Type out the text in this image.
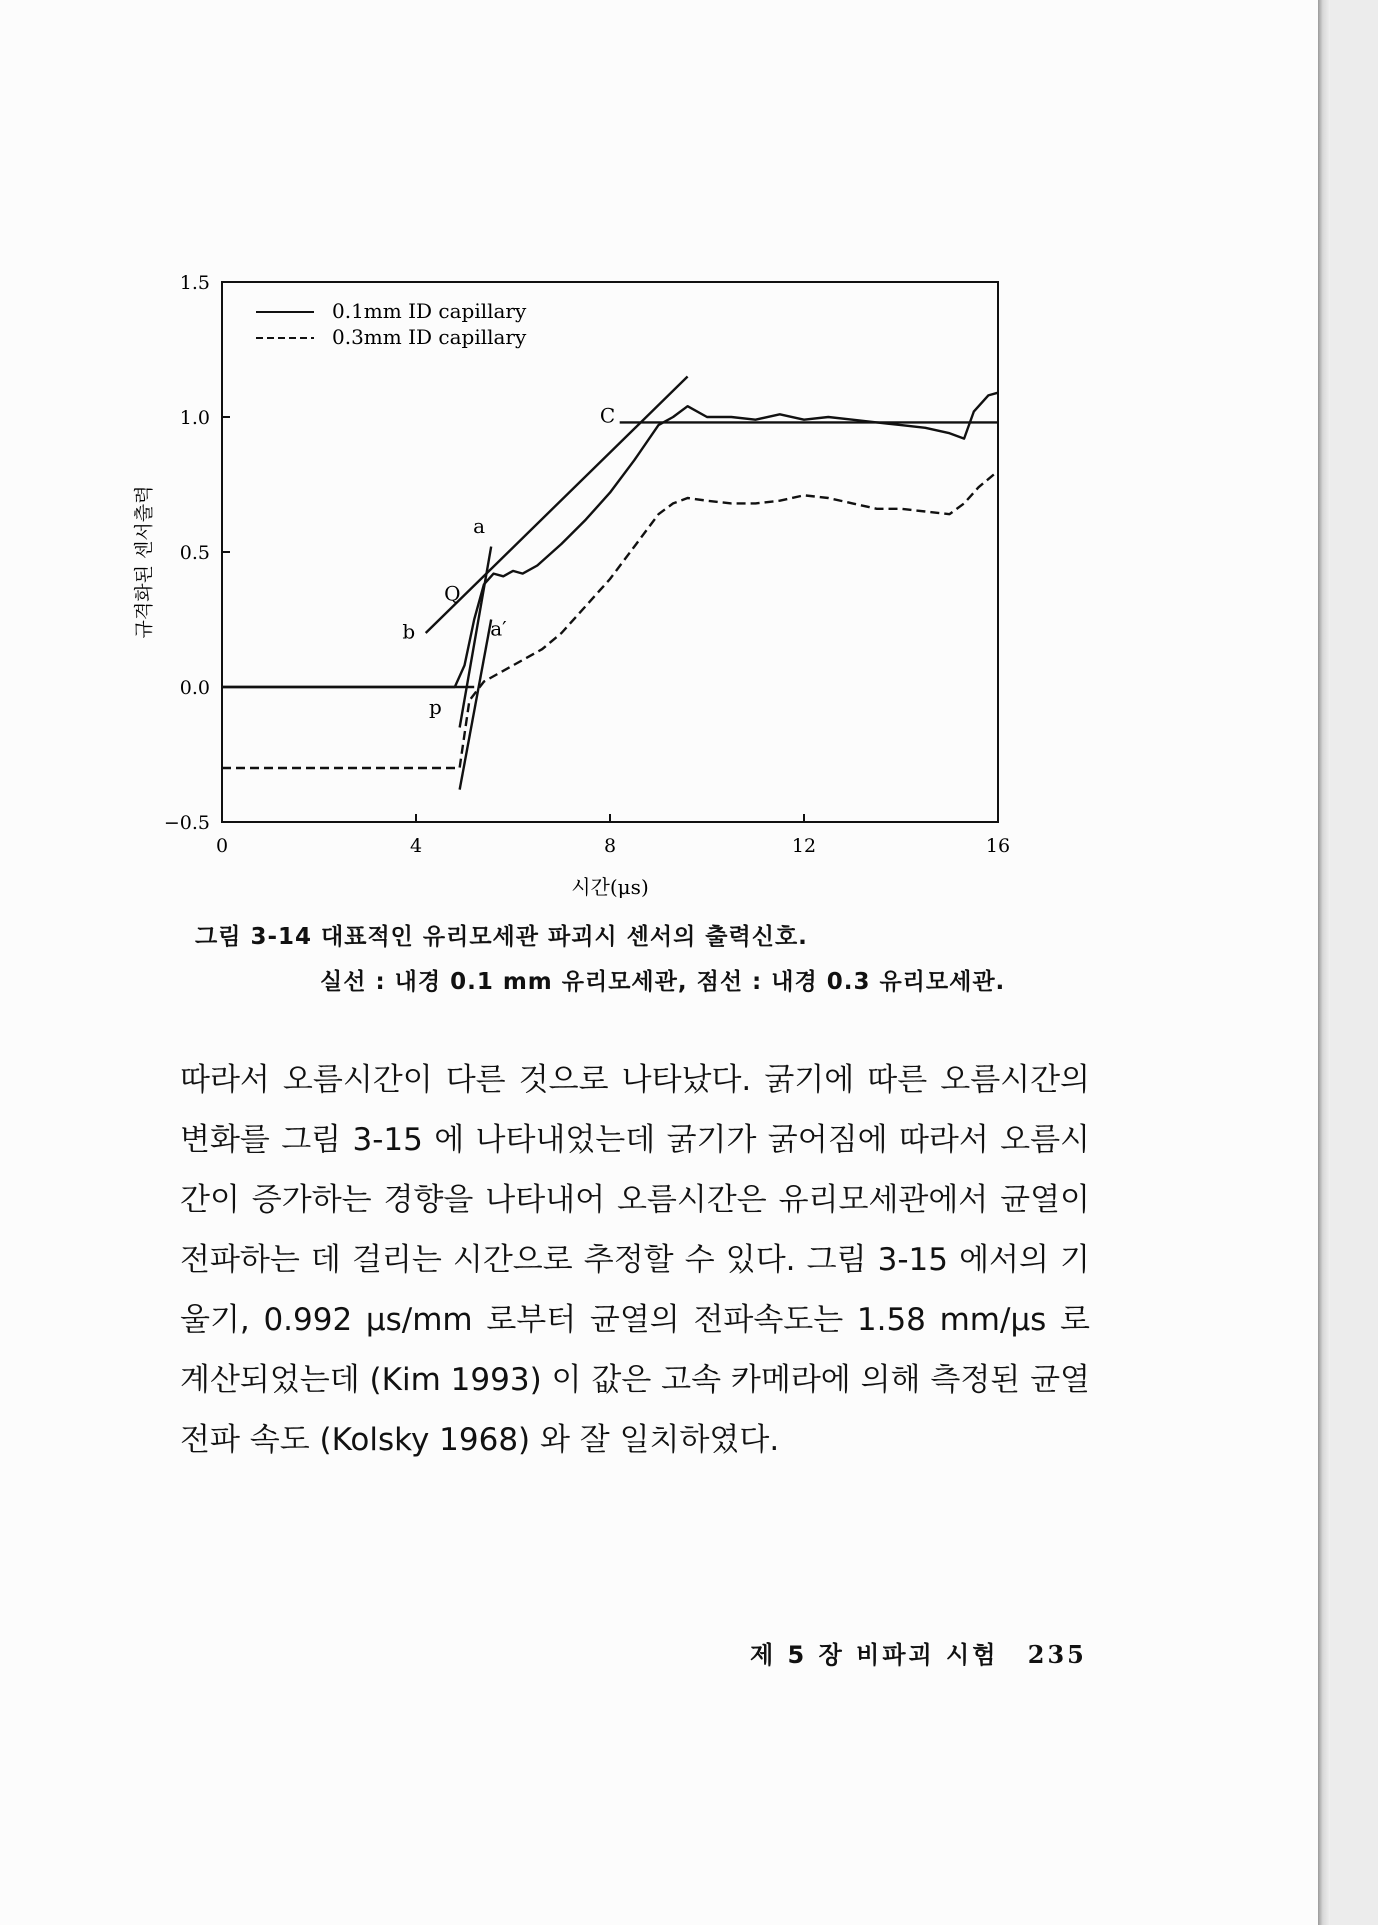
0	4	8	12	16
−0.5
0.0
0.5
1.0
1.5
a
Q
b	a′
p
C
0.1mm ID capillary
0.3mm ID capillary
시간(μs)
규격화된 센서출력
그림 3-14 대표적인 유리모세관 파괴시 센서의 출력신호.
실선 : 내경 0.1 mm 유리모세관, 점선 : 내경 0.3 유리모세관.

따라서 오름시간이 다른 것으로 나타났다. 굵기에 따른 오름시간의 변화를 그림 3-15 에 나타내었는데 굵기가 굵어짐에 따라서 오름시간이 증가하는 경향을 나타내어 오름시간은 유리모세관에서 균열이 전파하는 데 걸리는 시간으로 추정할 수 있다. 그림 3-15 에서의 기울기, 0.992 μs/mm 로부터 균열의 전파속도는 1.58 mm/μs 로 계산되었는데 (Kim 1993) 이 값은 고속 카메라에 의해 측정된 균열 전파 속도 (Kolsky 1968) 와 잘 일치하였다.

제 5 장 비파괴 시험 235
